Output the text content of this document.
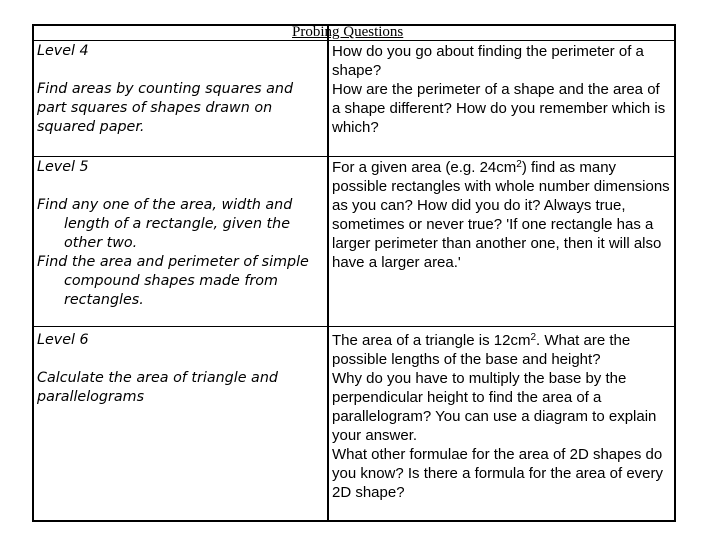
Probing Questions
Level 4
Find areas by counting squares and
part squares of shapes drawn on
squared paper.
How do you go about finding the perimeter of a shape?
How are the perimeter of a shape and the area of a shape different? How do you remember which is which?
Level 5
Find any one of the area, width and length of a rectangle, given the other two.
Find the area and perimeter of simple compound shapes made from rectangles.
For a given area (e.g. $24cm^2$) find as many possible rectangles with whole number dimensions as you can? How did you do it? Always true, sometimes or never true? 'If one rectangle has a larger perimeter than another one, then it will also have a larger area.'
Level 6
Calculate the area of triangle and parallelograms
The area of a triangle is $12cm^2$. What are the possible lengths of the base and height?
Why do you have to multiply the base by the perpendicular height to find the area of a parallelogram? You can use a diagram to explain your answer.
What other formulae for the area of 2D shapes do you know? Is there a formula for the area of every 2D shape?
